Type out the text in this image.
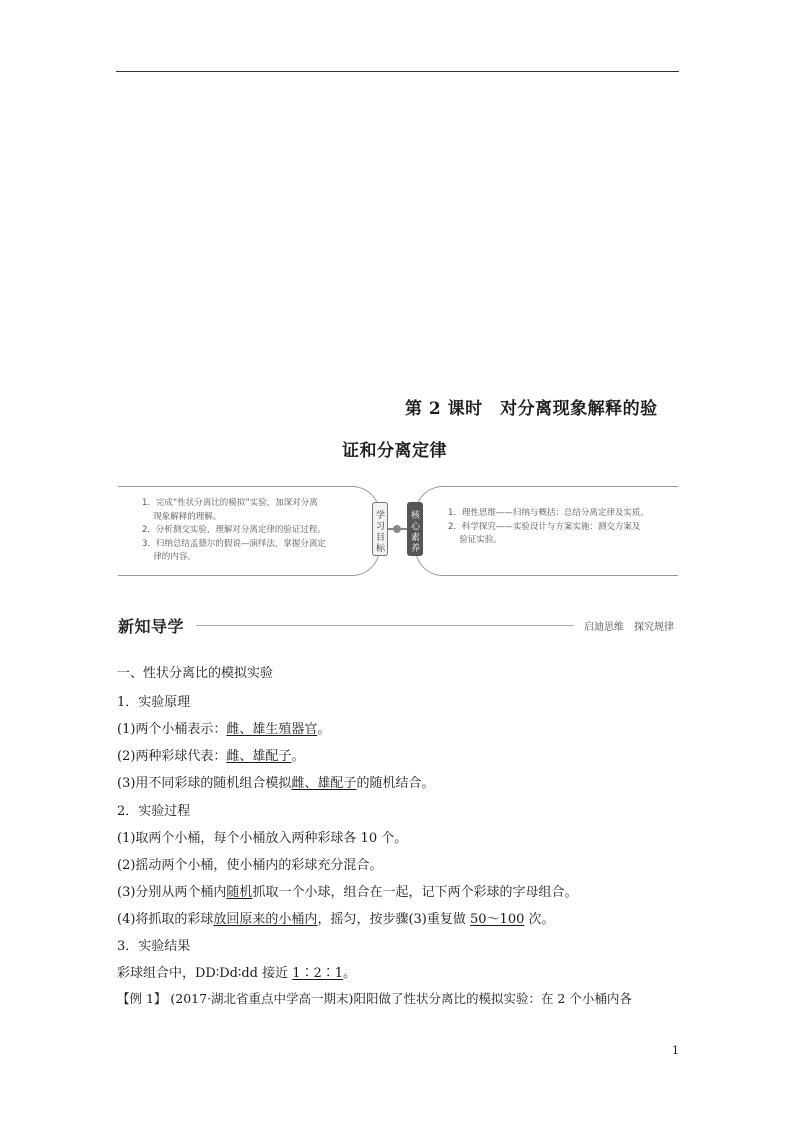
第 2 课时　对分离现象解释的验
证和分离定律

1．完成“性状分离比的模拟”实验，加深对分离

　 现象解释的理解。

2．分析测交实验，理解对分离定律的验证过程。

3．归纳总结孟德尔的假说—演绎法，掌握分离定

　 律的内容。

1．理性思维——归纳与概括：总结分离定律及实质。

2．科学探究——实验设计与方案实施：测交方案及

　 验证实验。

学习目标	核心素养
新知导学	启迪思维　探究规律
一、性状分离比的模拟实验
1．实验原理
(1)两个小桶表示：雌、雄生殖器官。
(2)两种彩球代表：雌、雄配子。
(3)用不同彩球的随机组合模拟雌、雄配子的随机结合。
2．实验过程
(1)取两个小桶，每个小桶放入两种彩球各 10 个。
(2)摇动两个小桶，使小桶内的彩球充分混合。
(3)分别从两个桶内随机抓取一个小球，组合在一起，记下两个彩球的字母组合。
(4)将抓取的彩球放回原来的小桶内，摇匀，按步骤(3)重复做 50～100 次。
3．实验结果
彩球组合中，DD∶Dd∶dd 接近 1∶2∶1。
【例 1】 (2017·湖北省重点中学高一期末)阳阳做了性状分离比的模拟实验：在 2 个小桶内各
1
